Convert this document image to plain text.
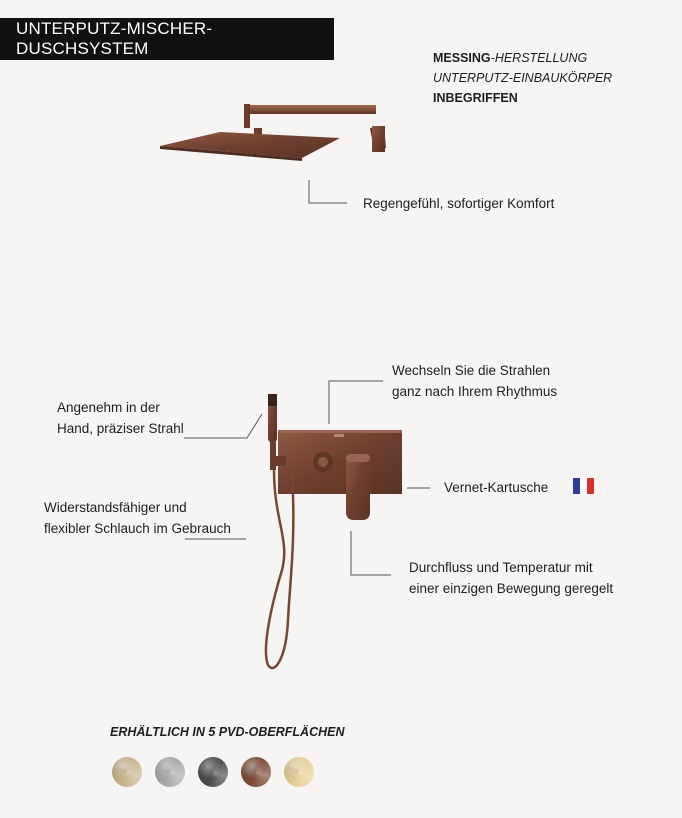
UNTERPUTZ-MISCHER-DUSCHSYSTEM	MESSING-HERSTELLUNG
UNTERPUTZ-EINBAUKÖRPER
INBEGRIFFEN
Regengefühl, sofortiger Komfort
Wechseln Sie die Strahlen
ganz nach Ihrem Rhythmus
Angenehm in der
Hand, präziser Strahl
Vernet-Kartusche
Widerstandsfähiger und
flexibler Schlauch im Gebrauch
Durchfluss und Temperatur mit
einer einzigen Bewegung geregelt
ERHÄLTLICH IN 5 PVD-OBERFLÄCHEN
